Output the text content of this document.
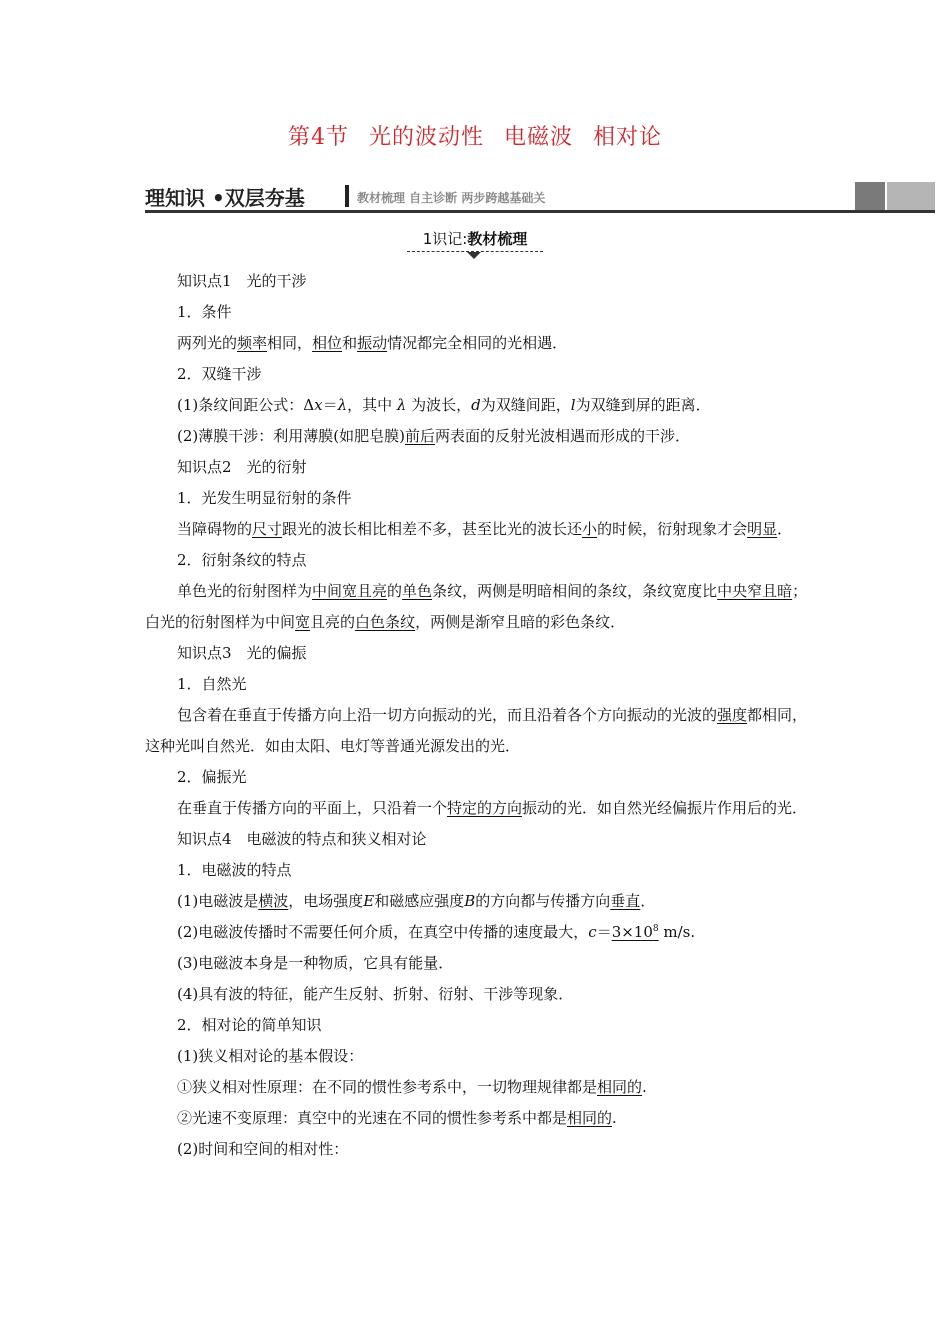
第4节 光的波动性 电磁波 相对论
理知识 •双层夯基	教材梳理 自主诊断 两步跨越基础关
1识记:教材梳理

知识点1　光的干涉

1．条件

两列光的频率相同，相位和振动情况都完全相同的光相遇．

2．双缝干涉

(1)条纹间距公式：Δx＝λ，其中 λ 为波长，d为双缝间距，l为双缝到屏的距离．

(2)薄膜干涉：利用薄膜(如肥皂膜)前后两表面的反射光波相遇而形成的干涉．

知识点2　光的衍射

1．光发生明显衍射的条件

当障碍物的尺寸跟光的波长相比相差不多，甚至比光的波长还小的时候，衍射现象才会明显．

2．衍射条纹的特点

单色光的衍射图样为中间宽且亮的单色条纹，两侧是明暗相间的条纹，条纹宽度比中央窄且暗；白光的衍射图样为中间宽且亮的白色条纹，两侧是渐窄且暗的彩色条纹．

知识点3　光的偏振

1．自然光

包含着在垂直于传播方向上沿一切方向振动的光，而且沿着各个方向振动的光波的强度都相同，这种光叫自然光．如由太阳、电灯等普通光源发出的光．

2．偏振光

在垂直于传播方向的平面上，只沿着一个特定的方向振动的光．如自然光经偏振片作用后的光．

知识点4　电磁波的特点和狭义相对论

1．电磁波的特点

(1)电磁波是横波，电场强度E和磁感应强度B的方向都与传播方向垂直．

(2)电磁波传播时不需要任何介质，在真空中传播的速度最大，$c=3\times 10^8$ m/s.

(3)电磁波本身是一种物质，它具有能量．

(4)具有波的特征，能产生反射、折射、衍射、干涉等现象．

2．相对论的简单知识

(1)狭义相对论的基本假设：

①狭义相对性原理：在不同的惯性参考系中，一切物理规律都是相同的.

②光速不变原理：真空中的光速在不同的惯性参考系中都是相同的.

(2)时间和空间的相对性：
